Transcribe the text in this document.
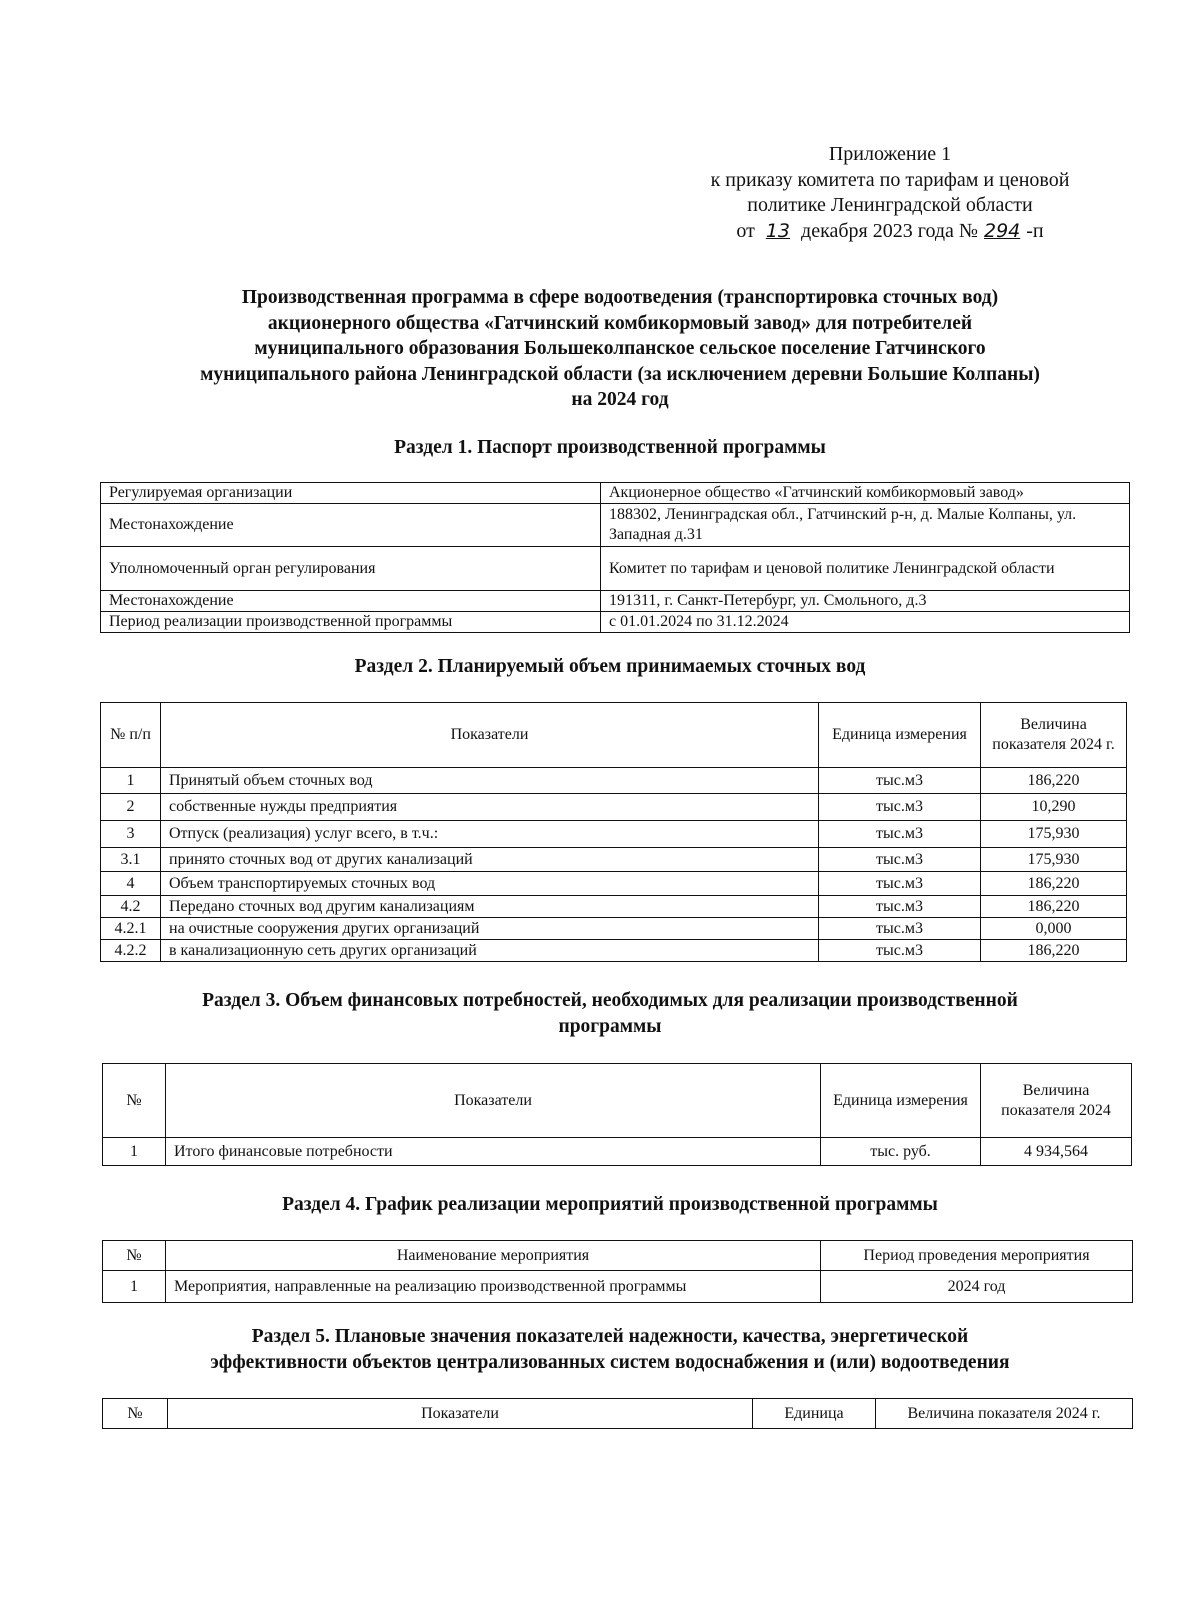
Приложение 1
к приказу комитета по тарифам и ценовой
политике Ленинградской области
от 13 декабря 2023 года № 294 -п
Производственная программа в сфере водоотведения (транспортировка сточных вод)
акционерного общества «Гатчинский комбикормовый завод» для потребителей
муниципального образования Большеколпанское сельское поселение Гатчинского
муниципального района Ленинградской области (за исключением деревни Большие Колпаны)
на 2024 год
Раздел 1. Паспорт производственной программы
Регулируемая организации	Акционерное общество «Гатчинский комбикормовый завод»
Местонахождение	188302, Ленинградская обл., Гатчинский р-н, д. Малые Колпаны, ул. Западная д.31
Уполномоченный орган регулирования	Комитет по тарифам и ценовой политике Ленинградской области
Местонахождение	191311, г. Санкт-Петербург, ул. Смольного, д.3
Период реализации производственной программы	с 01.01.2024 по 31.12.2024
Раздел 2. Планируемый объем принимаемых сточных вод
№ п/п	Показатели	Единица измерения	Величина показателя 2024 г.
1	Принятый объем сточных вод	тыс.м3	186,220
2	собственные нужды предприятия	тыс.м3	10,290
3	Отпуск (реализация) услуг всего, в т.ч.:	тыс.м3	175,930
3.1	принято сточных вод от других канализаций	тыс.м3	175,930
4	Объем транспортируемых сточных вод	тыс.м3	186,220
4.2	Передано сточных вод другим канализациям	тыс.м3	186,220
4.2.1	на очистные сооружения других организаций	тыс.м3	0,000
4.2.2	в канализационную сеть других организаций	тыс.м3	186,220
Раздел 3. Объем финансовых потребностей, необходимых для реализации производственной
программы
№	Показатели	Единица измерения	Величина показателя 2024
1	Итого финансовые потребности	тыс. руб.	4 934,564
Раздел 4. График реализации мероприятий производственной программы
№	Наименование мероприятия	Период проведения мероприятия
1	Мероприятия, направленные на реализацию производственной программы	2024 год
Раздел 5. Плановые значения показателей надежности, качества, энергетической
эффективности объектов централизованных систем водоснабжения и (или) водоотведения
№	Показатели	Единица	Величина показателя 2024 г.
